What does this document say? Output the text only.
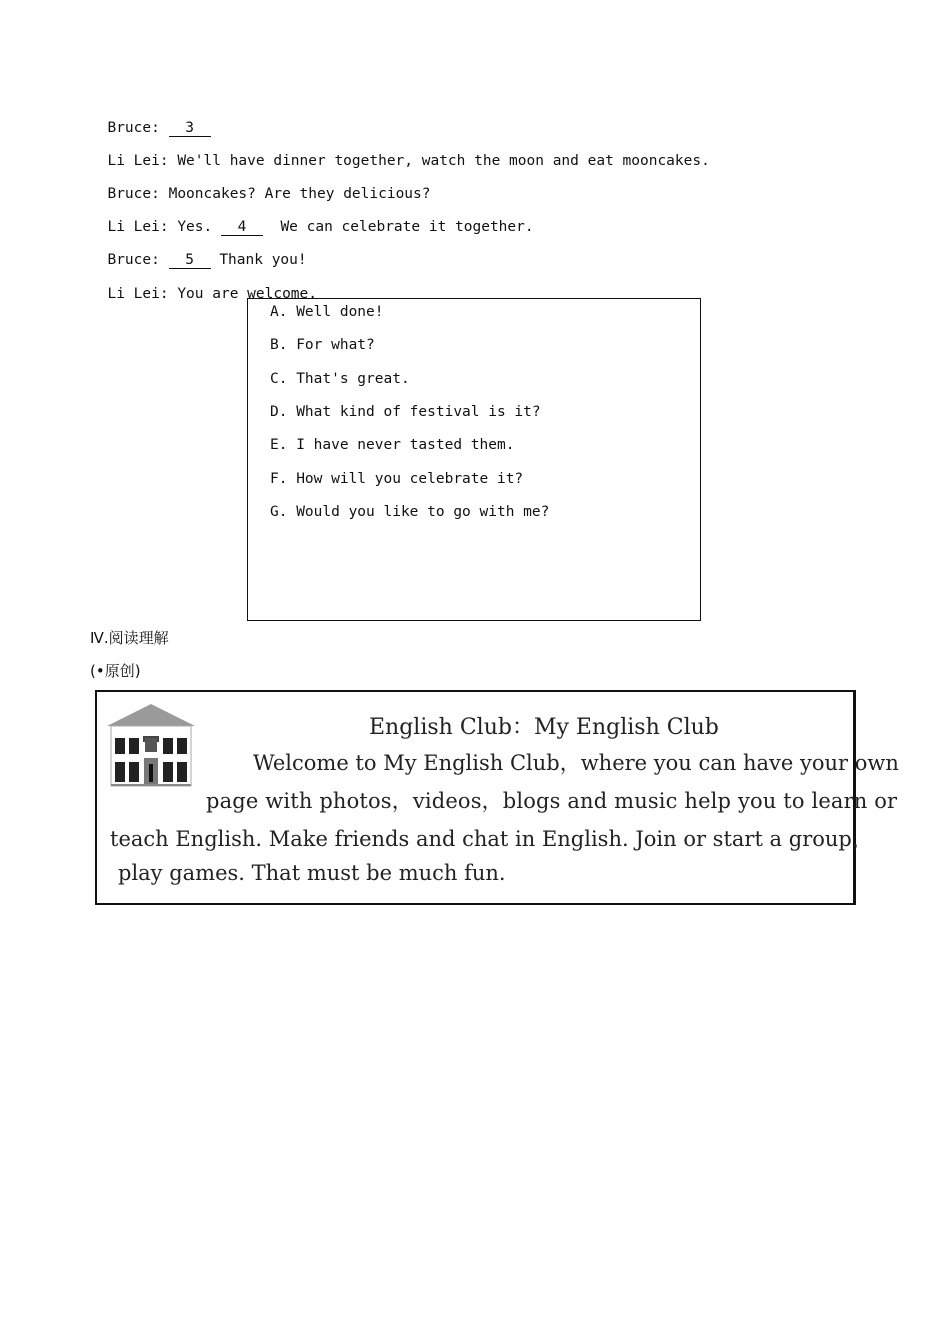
Bruce: 3

Li Lei: We'll have dinner together, watch the moon and eat mooncakes.

Bruce: Mooncakes? Are they delicious?

Li Lei: Yes. 4 We can celebrate it together.

Bruce: 5 Thank you!

Li Lei: You are welcome.

A. Well done!
B. For what?
C. That's great.
D. What kind of festival is it?
E. I have never tasted them.
F. How will you celebrate it?
G. Would you like to go with me?
Ⅳ.阅读理解
(•原创)
English Club：My English Club
Welcome to My English Club，where you can have your own
page with photos，videos，blogs and music help you to learn or
teach English. Make friends and chat in English. Join or start a group，
play games. That must be much fun.
